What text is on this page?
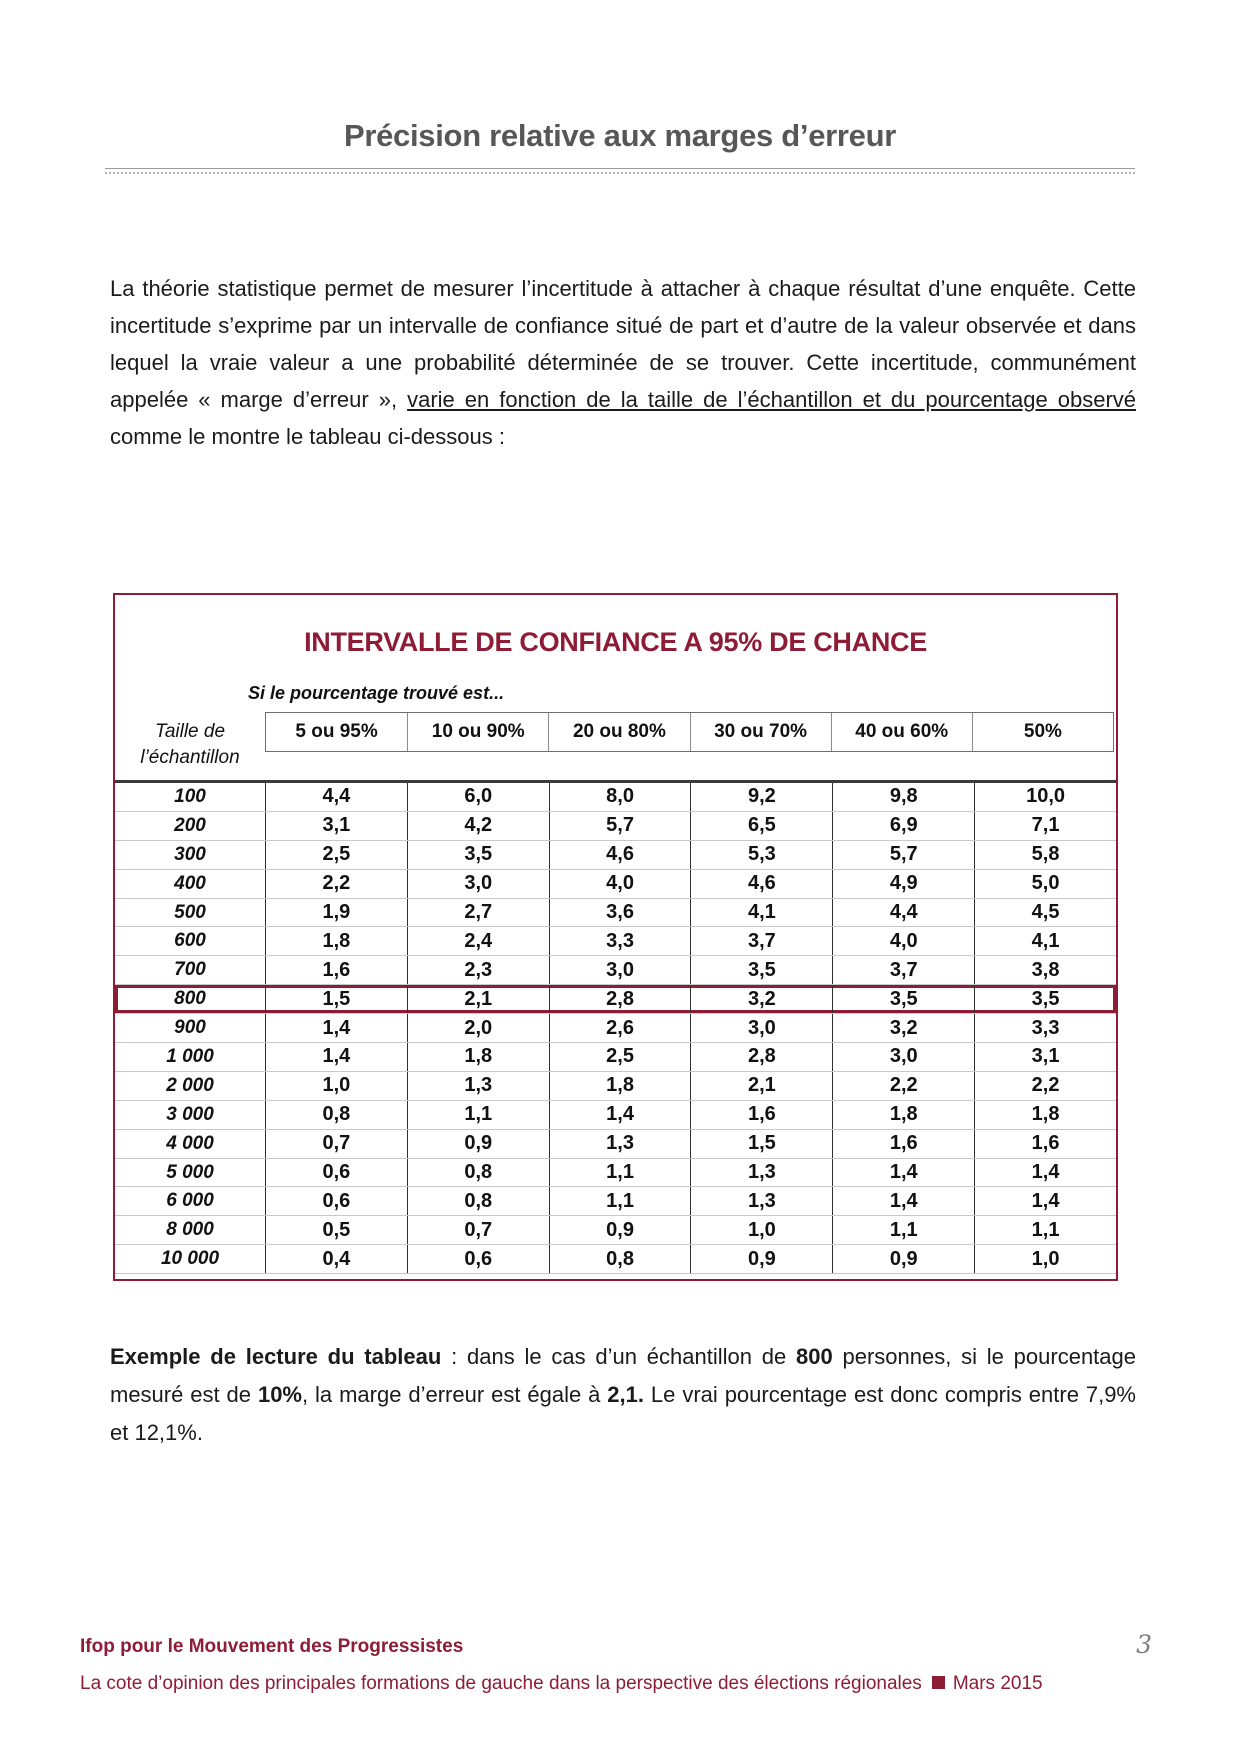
Précision relative aux marges d’erreur
La théorie statistique permet de mesurer l’incertitude à attacher à chaque résultat d’une enquête. Cette incertitude s’exprime par un intervalle de confiance situé de part et d’autre de la valeur observée et dans lequel la vraie valeur a une probabilité déterminée de se trouver. Cette incertitude, communément appelée « marge d’erreur », varie en fonction de la taille de l’échantillon et du pourcentage observé comme le montre le tableau ci-dessous :
INTERVALLE DE CONFIANCE A 95% DE CHANCE
Si le pourcentage trouvé est...
Taille de
l’échantillon
5 ou 95%	10 ou 90%	20 ou 80%	30 ou 70%	40 ou 60%	50%
100	4,4	6,0	8,0	9,2	9,8	10,0
200	3,1	4,2	5,7	6,5	6,9	7,1
300	2,5	3,5	4,6	5,3	5,7	5,8
400	2,2	3,0	4,0	4,6	4,9	5,0
500	1,9	2,7	3,6	4,1	4,4	4,5
600	1,8	2,4	3,3	3,7	4,0	4,1
700	1,6	2,3	3,0	3,5	3,7	3,8
800	1,5	2,1	2,8	3,2	3,5	3,5
900	1,4	2,0	2,6	3,0	3,2	3,3
1 000	1,4	1,8	2,5	2,8	3,0	3,1
2 000	1,0	1,3	1,8	2,1	2,2	2,2
3 000	0,8	1,1	1,4	1,6	1,8	1,8
4 000	0,7	0,9	1,3	1,5	1,6	1,6
5 000	0,6	0,8	1,1	1,3	1,4	1,4
6 000	0,6	0,8	1,1	1,3	1,4	1,4
8 000	0,5	0,7	0,9	1,0	1,1	1,1
10 000	0,4	0,6	0,8	0,9	0,9	1,0
Exemple de lecture du tableau : dans le cas d’un échantillon de 800 personnes, si le pourcentage mesuré est de 10%, la marge d’erreur est égale à 2,1. Le vrai pourcentage est donc compris entre 7,9% et 12,1%.
Ifop pour le Mouvement des Progressistes	3
La cote d’opinion des principales formations de gauche dans la perspective des élections régionales Mars 2015
